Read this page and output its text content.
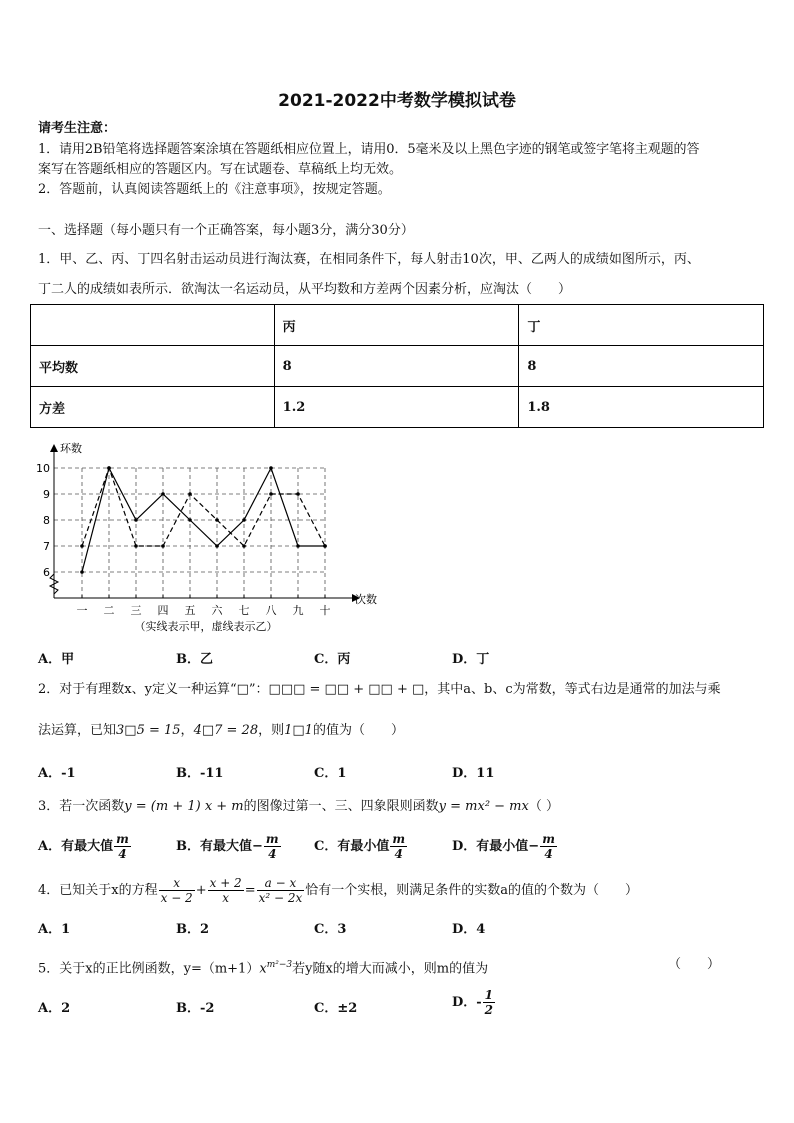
2021-2022中考数学模拟试卷
请考生注意：
1．请用2B铅笔将选择题答案涂填在答题纸相应位置上，请用0．5毫米及以上黑色字迹的钢笔或签字笔将主观题的答
案写在答题纸相应的答题区内。写在试题卷、草稿纸上均无效。
2．答题前，认真阅读答题纸上的《注意事项》，按规定答题。
一、选择题（每小题只有一个正确答案，每小题3分，满分30分）
1．甲、乙、丙、丁四名射击运动员进行淘汰赛，在相同条件下，每人射击10次，甲、乙两人的成绩如图所示，丙、
丁二人的成绩如表所示．欲淘汰一名运动员，从平均数和方差两个因素分析，应淘汰（　　）
	丙	丁
平均数	8	8
方差	1.2	1.8
环数
次数
6
7
8
9
10
一 二 三 四 五 六 七 八 九 十
（实线表示甲，虚线表示乙）
A．甲	B．乙	C．丙	D．丁
2．对于有理数x、y定义一种运算“□”：□□□ = □□ + □□ + □，其中a、b、c为常数，等式右边是通常的加法与乘
法运算，已知3□5 = 15，4□7 = 28，则1□1的值为（　　）
A．-1	B．-11	C．1	D．11
3．若一次函数y = (m + 1) x + m的图像过第一、三、四象限则函数y = mx² − mx（ ）
A．有最大值 $\frac{m}{4}$	B．有最大值− $\frac{m}{4}$	C．有最小值 $\frac{m}{4}$	D．有最小值− $\frac{m}{4}$
4．已知关于x的方程 $\frac{x}{x - 2} + \frac{x + 2}{x} = \frac{a - x}{\text{x² − 2x}}$ 恰有一个实根，则满足条件的实数a的值的个数为（　　）
A．1	B．2	C．3	D．4
5．关于x的正比例函数，$y=(m+1)x^{m^2-3}$若y随x的增大而减小，则m的值为	（　　）
A．2	B．-2	C．±2	D．- $\frac{1}{2}$
